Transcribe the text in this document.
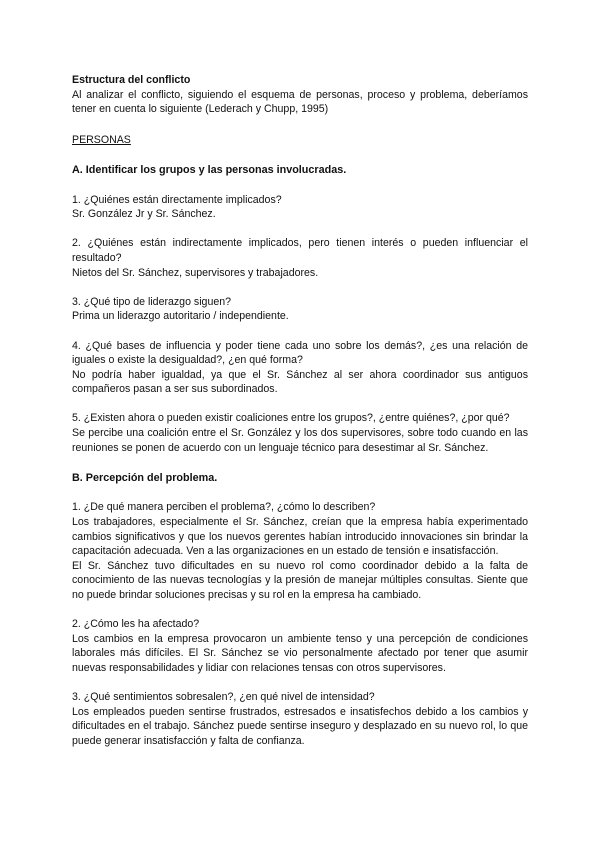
Estructura del conflicto

Al analizar el conflicto, siguiendo el esquema de personas, proceso y problema, deberíamos tener en cuenta lo siguiente (Lederach y Chupp, 1995)

PERSONAS

A. Identificar los grupos y las personas involucradas.

1. ¿Quiénes están directamente implicados?

Sr. González Jr y Sr. Sánchez.

2. ¿Quiénes están indirectamente implicados, pero tienen interés o pueden influenciar el resultado?

Nietos del Sr. Sánchez, supervisores y trabajadores.

3. ¿Qué tipo de liderazgo siguen?

Prima un liderazgo autoritario / independiente.

4. ¿Qué bases de influencia y poder tiene cada uno sobre los demás?, ¿es una relación de iguales o existe la desigualdad?, ¿en qué forma?

No podría haber igualdad, ya que el Sr. Sánchez al ser ahora coordinador sus antiguos compañeros pasan a ser sus subordinados.

5. ¿Existen ahora o pueden existir coaliciones entre los grupos?, ¿entre quiénes?, ¿por qué?

Se percibe una coalición entre el Sr. González y los dos supervisores, sobre todo cuando en las reuniones se ponen de acuerdo con un lenguaje técnico para desestimar al Sr. Sánchez.

B. Percepción del problema.

1. ¿De qué manera perciben el problema?, ¿cómo lo describen?

Los trabajadores, especialmente el Sr. Sánchez, creían que la empresa había experimentado cambios significativos y que los nuevos gerentes habían introducido innovaciones sin brindar la capacitación adecuada. Ven a las organizaciones en un estado de tensión e insatisfacción.

El Sr. Sánchez tuvo dificultades en su nuevo rol como coordinador debido a la falta de conocimiento de las nuevas tecnologías y la presión de manejar múltiples consultas. Siente que no puede brindar soluciones precisas y su rol en la empresa ha cambiado.

2. ¿Cómo les ha afectado?

Los cambios en la empresa provocaron un ambiente tenso y una percepción de condiciones laborales más difíciles. El Sr. Sánchez se vio personalmente afectado por tener que asumir nuevas responsabilidades y lidiar con relaciones tensas con otros supervisores.

3. ¿Qué sentimientos sobresalen?, ¿en qué nivel de intensidad?

Los empleados pueden sentirse frustrados, estresados e insatisfechos debido a los cambios y dificultades en el trabajo. Sánchez puede sentirse inseguro y desplazado en su nuevo rol, lo que puede generar insatisfacción y falta de confianza.
